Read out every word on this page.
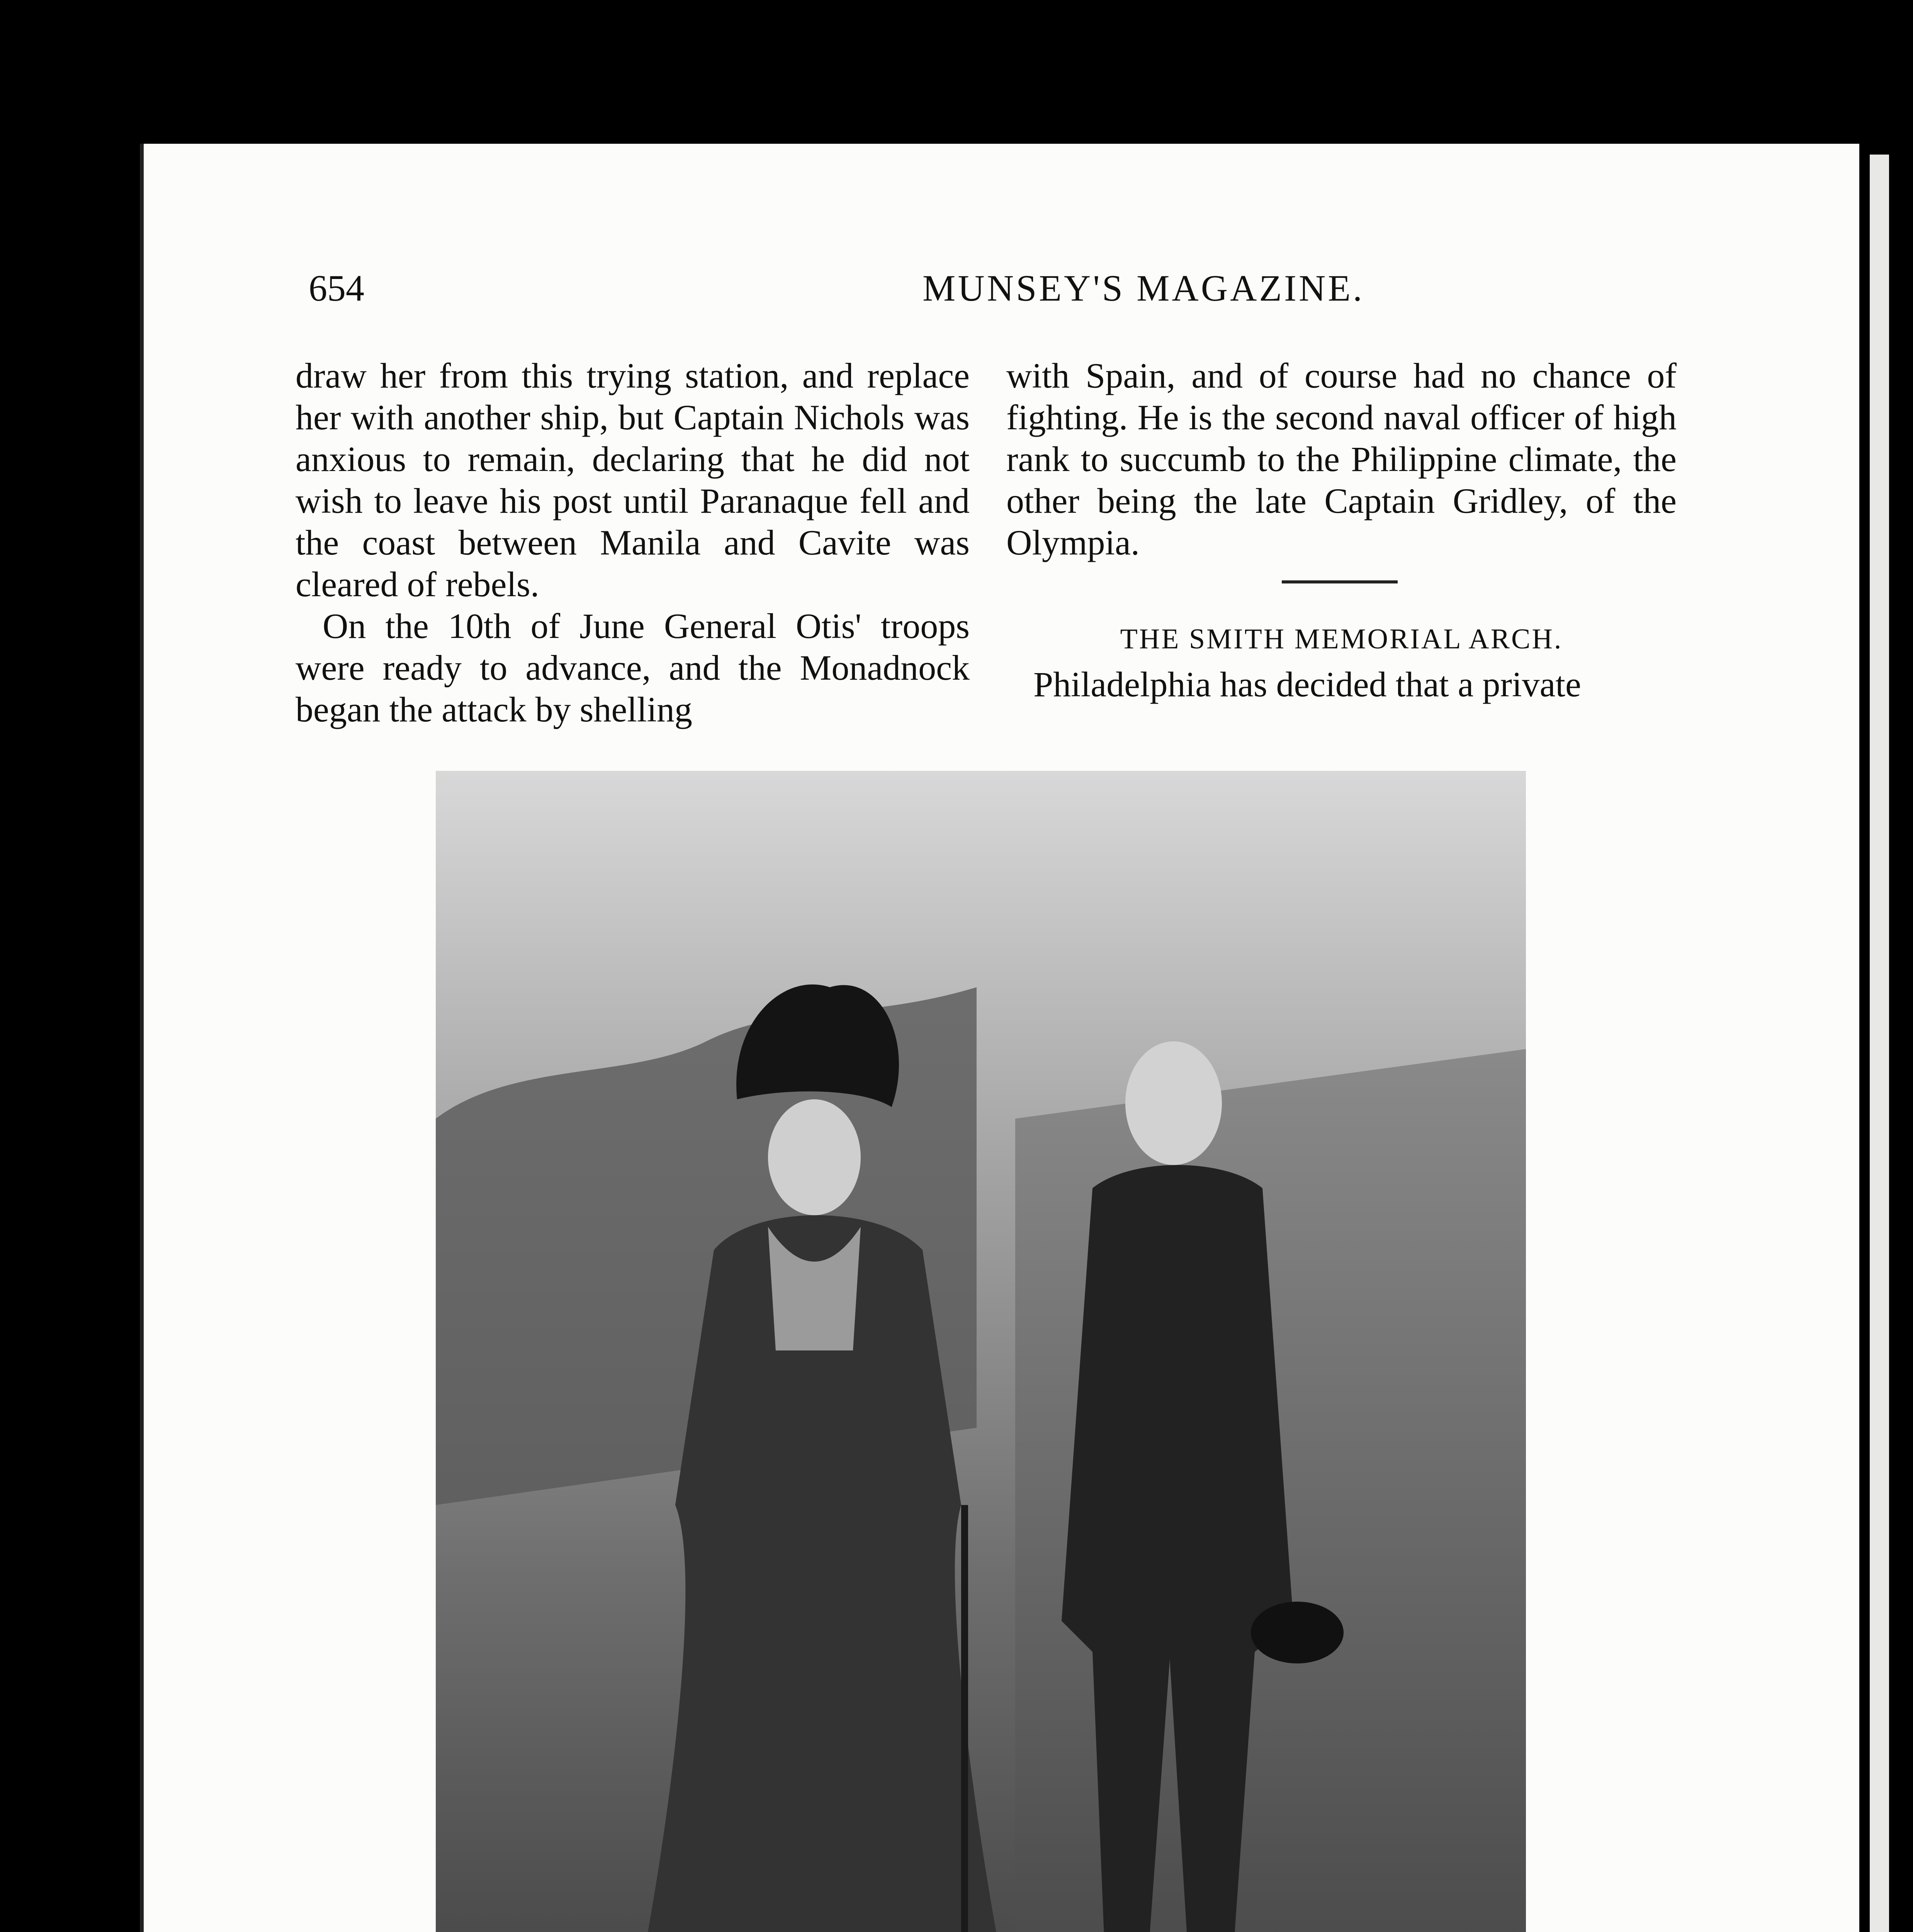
654	MUNSEY'S MAGAZINE.

draw her from this trying station, and replace her with another ship, but Captain Nichols was anxious to remain, declaring that he did not wish to leave his post until Paranaque fell and the coast between Manila and Cavite was cleared of rebels.

On the 10th of June General Otis' troops were ready to advance, and the Monadnock began the attack by shelling

with Spain, and of course had no chance of fighting. He is the second naval officer of high rank to succumb to the Philippine climate, the other being the late Captain Gridley, of the Olympia.

THE SMITH MEMORIAL ARCH.
Philadelphia has decided that a private
